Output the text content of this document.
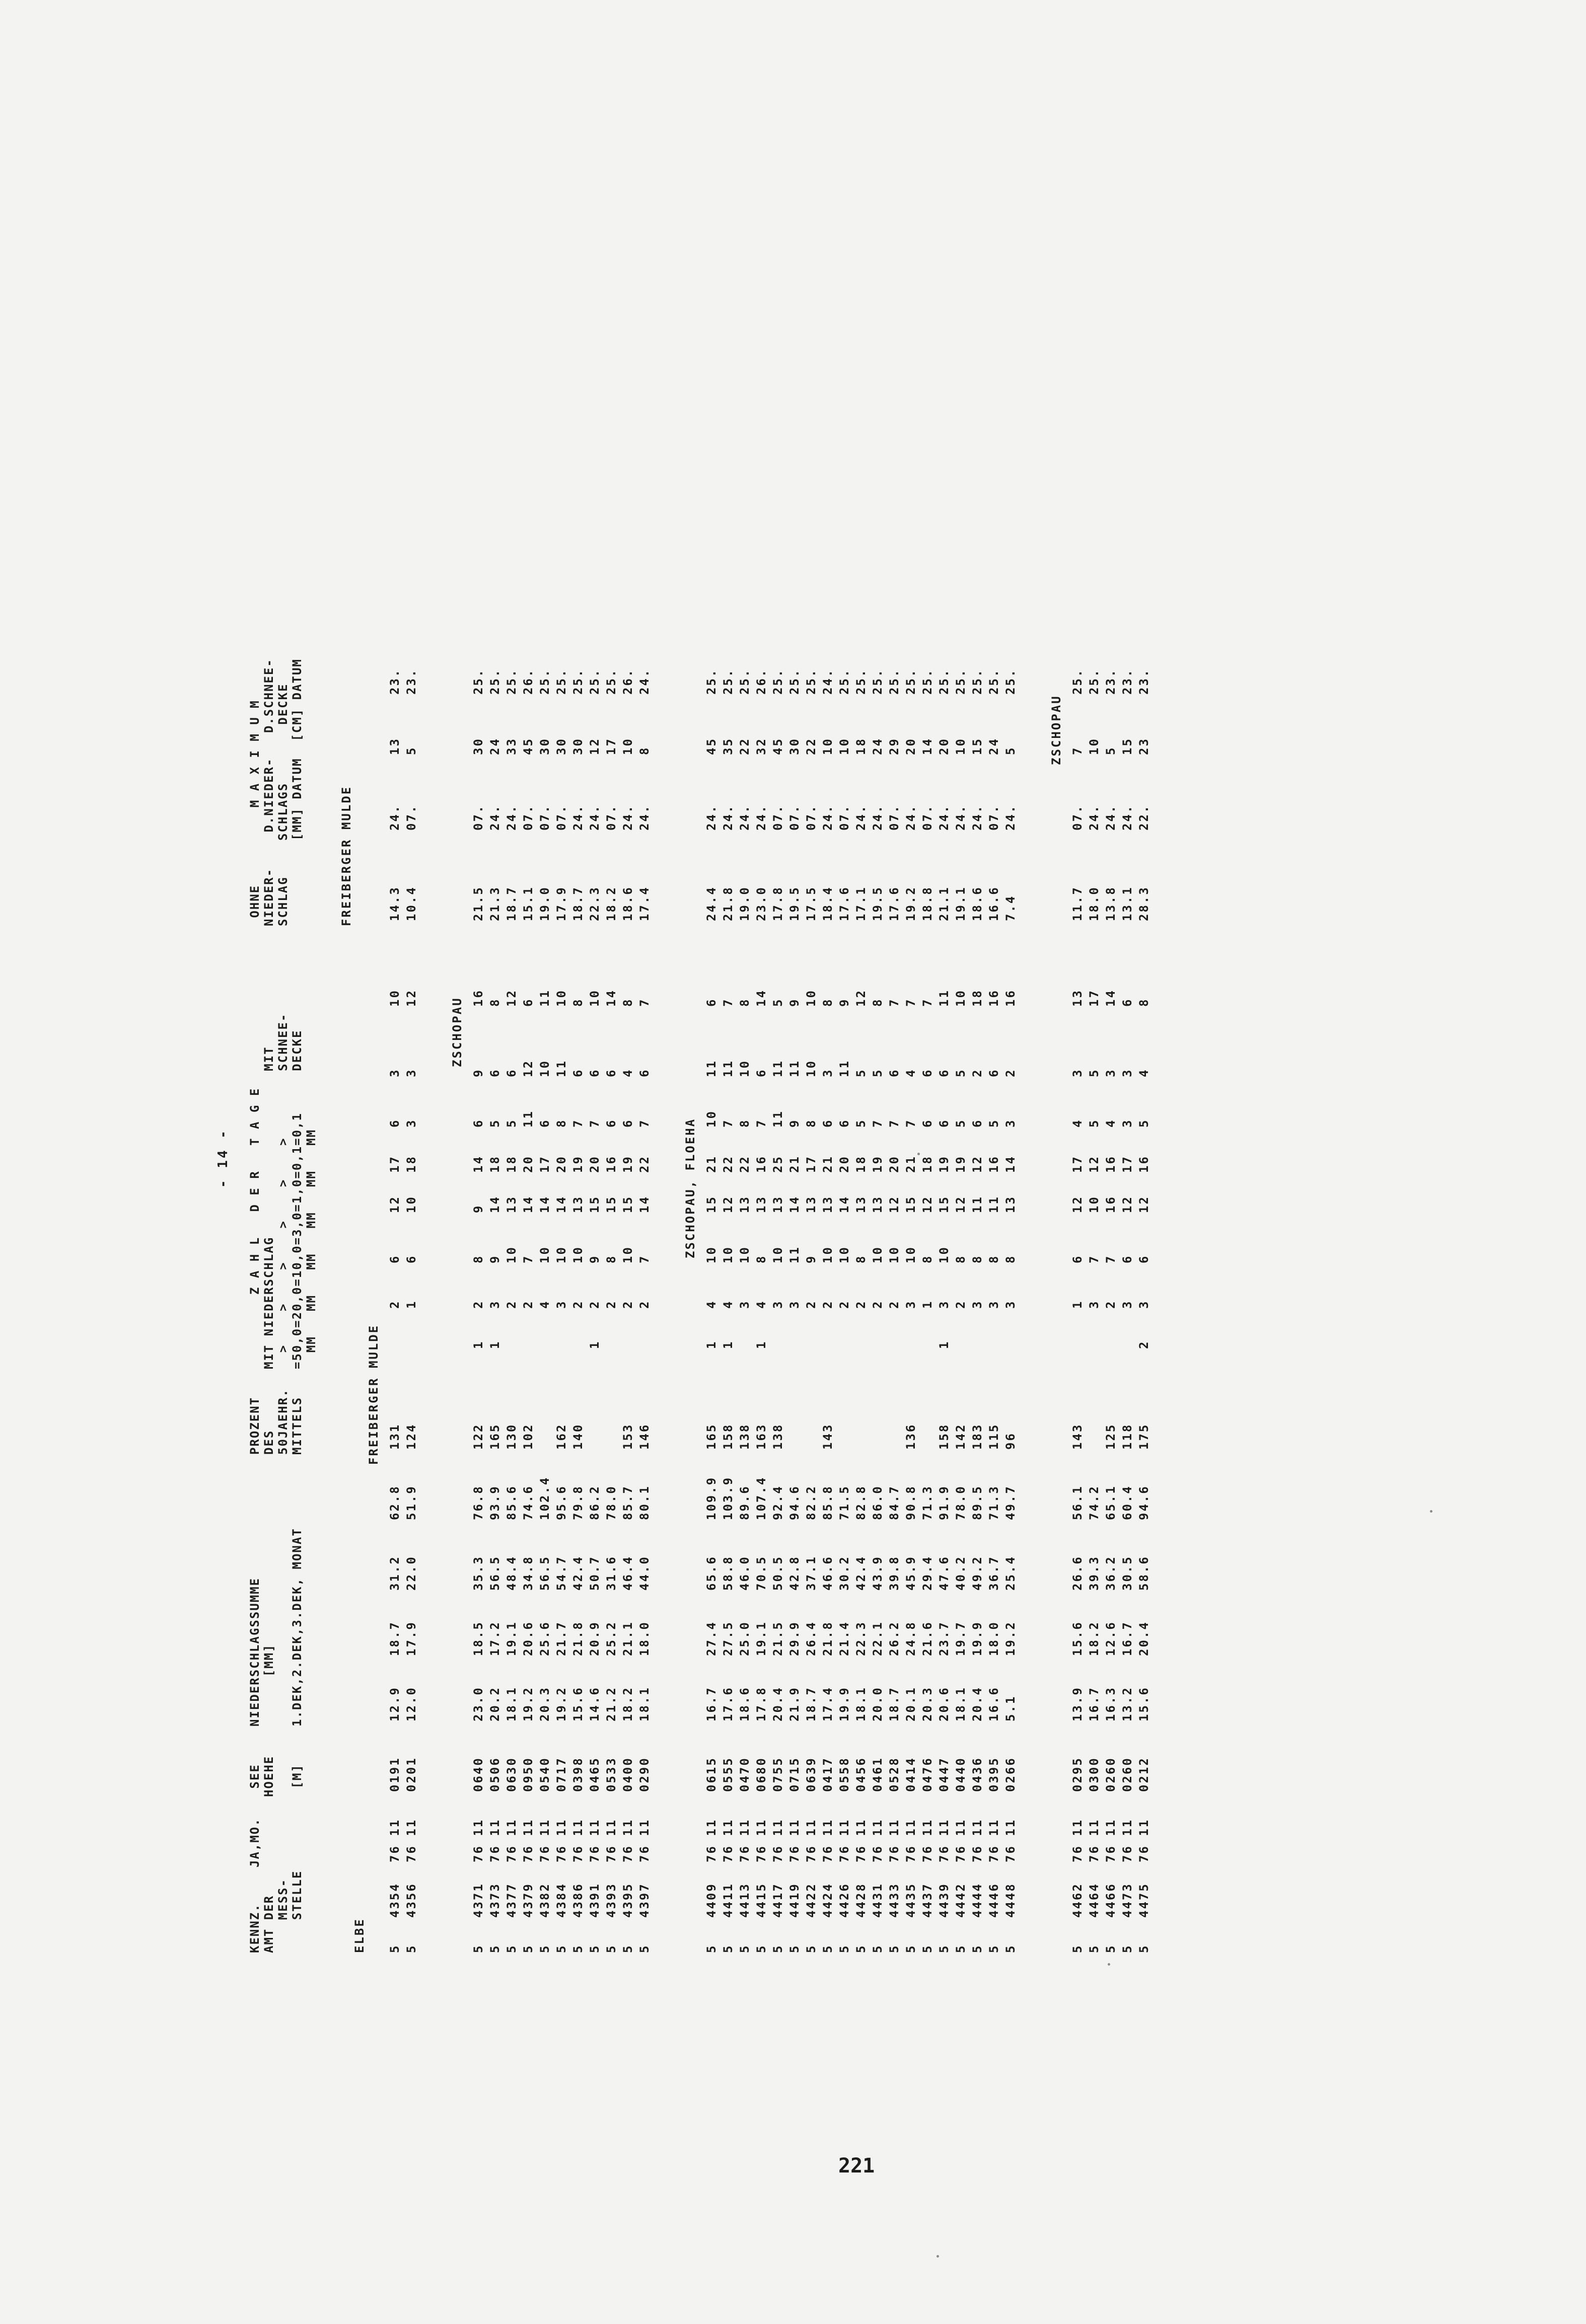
- 14 -
KENNZ.
AMT DER
MESS-
STELLE
JA,MO.
SEE
HOEHE

[M]
NIEDERSCHLAGSSUMME
[MM]

1.DEK,2.DEK,3.DEK, MONAT
PROZENT
DES
50JAEHR.
MITTELS
Z A H L   D E R   T A G E
MIT NIEDERSCHLAG                    MIT
>    >    >    >    >    >        SCHNEE-
=50,0=20,0=10,0=3,0=1,0=0,1=0,1     DECKE
MM   MM   MM   MM   MM   MM
OHNE
NIEDER-
SCHLAG
M A X I M U M
D.NIEDER-   D.SCHNEE-
SCHLAGS       DECKE
[MM] DATUM  [CM] DATUM
ELBE
FREIBERGER MULDE
FREIBERGER MULDE
5
4354
76 11
0191
12.9
18.7
31.2
62.8
131
2
6
12
17
6
3
10
14.3
24.
13
23.
5
4356
76 11
0201
12.0
17.9
22.0
51.9
124
1
6
10
18
3
3
12
10.4
07.
5
23.
ZSCHOPAU
5
4371
76 11
0640
23.0
18.5
35.3
76.8
122
1
2
8
9
14
6
9
16
21.5
07.
30
25.
5
4373
76 11
0506
20.2
17.2
56.5
93.9
165
1
3
9
14
18
5
6
8
21.3
24.
24
25.
5
4377
76 11
0630
18.1
19.1
48.4
85.6
130
2
10
13
18
5
6
12
18.7
24.
33
25.
5
4379
76 11
0950
19.2
20.6
34.8
74.6
102
2
7
14
20
11
12
6
15.1
07.
45
26.
5
4382
76 11
0540
20.3
25.6
56.5
102.4
4
10
14
17
6
10
11
19.0
07.
30
25.
5
4384
76 11
0717
19.2
21.7
54.7
95.6
162
3
10
14
20
8
11
10
17.9
07.
30
25.
5
4386
76 11
0398
15.6
21.8
42.4
79.8
140
2
10
13
19
7
6
8
18.7
24.
30
25.
5
4391
76 11
0465
14.6
20.9
50.7
86.2
1
2
9
15
20
7
6
10
22.3
24.
12
25.
5
4393
76 11
0533
21.2
25.2
31.6
78.0
2
8
15
16
6
6
14
18.2
07.
17
25.
5
4395
76 11
0400
18.2
21.1
46.4
85.7
153
2
10
15
19
6
4
8
18.6
24.
10
26.
5
4397
76 11
0290
18.1
18.0
44.0
80.1
146
2
7
14
22
7
6
7
17.4
24.
8
24.
ZSCHOPAU, FLOEHA
5
4409
76 11
0615
16.7
27.4
65.6
109.9
165
1
4
10
15
21
10
11
6
24.4
24.
45
25.
5
4411
76 11
0555
17.6
27.5
58.8
103.9
158
1
4
10
12
22
7
11
7
21.8
24.
35
25.
5
4413
76 11
0470
18.6
25.0
46.0
89.6
138
3
10
13
22
8
10
8
19.0
24.
22
25.
5
4415
76 11
0680
17.8
19.1
70.5
107.4
163
1
4
8
13
16
7
6
14
23.0
24.
32
26.
5
4417
76 11
0755
20.4
21.5
50.5
92.4
138
3
10
13
25
11
11
5
17.8
07.
45
25.
5
4419
76 11
0715
21.9
29.9
42.8
94.6
3
11
14
21
9
11
9
19.5
07.
30
25.
5
4422
76 11
0639
18.7
26.4
37.1
82.2
2
9
13
17
8
10
10
17.5
07.
22
25.
5
4424
76 11
0417
17.4
21.8
46.6
85.8
143
2
10
13
21
6
3
8
18.4
24.
10
24.
5
4426
76 11
0558
19.9
21.4
30.2
71.5
2
10
14
20
6
11
9
17.6
07.
10
25.
5
4428
76 11
0456
18.1
22.3
42.4
82.8
2
8
13
18
5
5
12
17.1
24.
18
25.
5
4431
76 11
0461
20.0
22.1
43.9
86.0
2
10
13
19
7
5
8
19.5
24.
24
25.
5
4433
76 11
0528
18.7
26.2
39.8
84.7
2
10
12
20
7
6
7
17.6
07.
29
25.
5
4435
76 11
0414
20.1
24.8
45.9
90.8
136
3
10
15
21
7
4
7
19.2
24.
20
25.
5
4437
76 11
0476
20.3
21.6
29.4
71.3
1
8
12
18
6
6
7
18.8
07.
14
25.
5
4439
76 11
0447
20.6
23.7
47.6
91.9
158
1
3
10
15
19
6
6
11
21.1
24.
20
25.
5
4442
76 11
0440
18.1
19.7
40.2
78.0
142
2
8
12
19
5
5
10
19.1
24.
10
25.
5
4444
76 11
0436
20.4
19.9
49.2
89.5
183
3
8
11
12
6
2
18
18.6
24.
15
25.
5
4446
76 11
0395
16.6
18.0
36.7
71.3
115
3
8
11
16
5
6
16
16.6
07.
24
25.
5
4448
76 11
0266
5.1
19.2
25.4
49.7
96
3
8
13
14
3
2
16
7.4
24.
5
25.
ZSCHOPAU
5
4462
76 11
0295
13.9
15.6
26.6
56.1
143
1
6
12
17
4
3
13
11.7
07.
7
25.
5
4464
76 11
0300
16.7
18.2
39.3
74.2
3
7
10
12
5
5
17
18.0
24.
10
25.
5
4466
76 11
0260
16.3
12.6
36.2
65.1
125
2
7
16
16
4
3
14
13.8
24.
5
23.
5
4473
76 11
0260
13.2
16.7
30.5
60.4
118
3
6
12
17
3
3
6
13.1
24.
15
23.
5
4475
76 11
0212
15.6
20.4
58.6
94.6
175
2
3
6
12
16
5
4
8
28.3
22.
23
23.
221
